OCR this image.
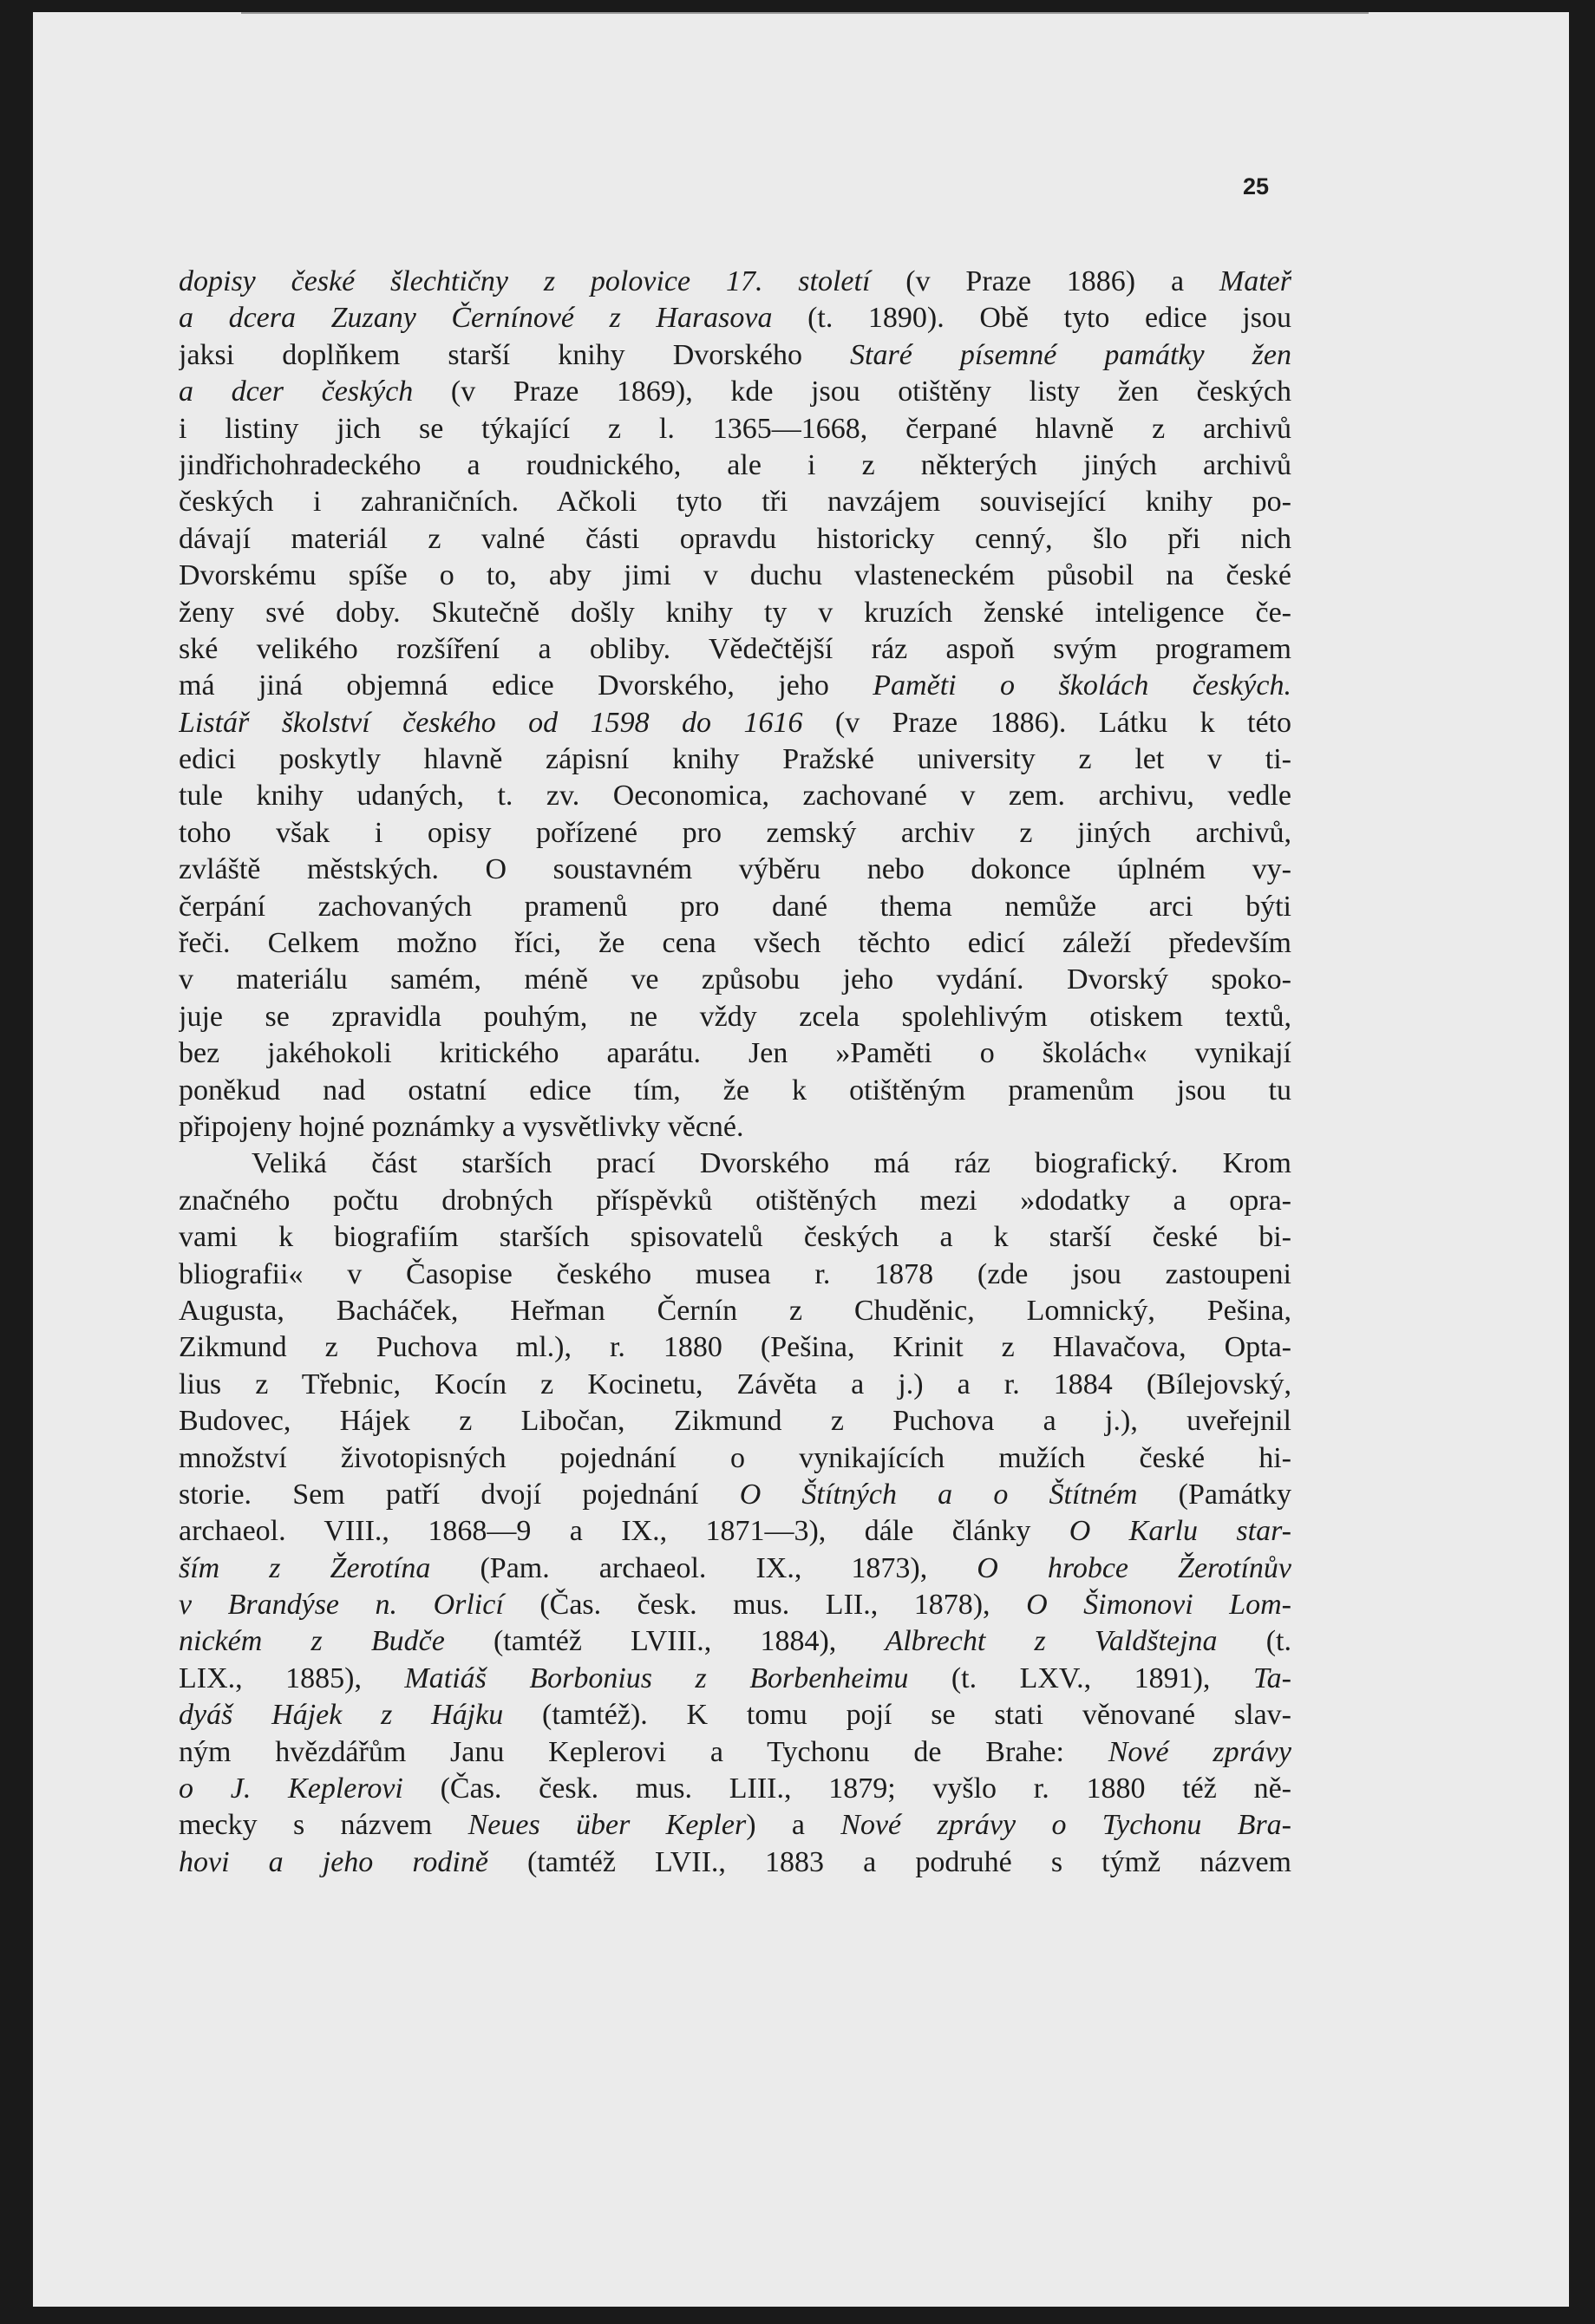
25
dopisy české šlechtičny z polovice 17. století (v Praze 1886) a Mateř
a dcera Zuzany Černínové z Harasova (t. 1890). Obě tyto edice jsou
jaksi doplňkem starší knihy Dvorského Staré písemné památky žen
a dcer českých (v Praze 1869), kde jsou otištěny listy žen českých
i listiny jich se týkající z l. 1365—1668, čerpané hlavně z archivů
jindřichohradeckého a roudnického, ale i z některých jiných archivů
českých i zahraničních. Ačkoli tyto tři navzájem související knihy po-
dávají materiál z valné části opravdu historicky cenný, šlo při nich
Dvorskému spíše o to, aby jimi v duchu vlasteneckém působil na české
ženy své doby. Skutečně došly knihy ty v kruzích ženské inteligence če-
ské velikého rozšíření a obliby. Vědečtější ráz aspoň svým programem
má jiná objemná edice Dvorského, jeho Paměti o školách českých.
Listář školství českého od 1598 do 1616 (v Praze 1886). Látku k této
edici poskytly hlavně zápisní knihy Pražské university z let v ti-
tule knihy udaných, t. zv. Oeconomica, zachované v zem. archivu, vedle
toho však i opisy pořízené pro zemský archiv z jiných archivů,
zvláště městských. O soustavném výběru nebo dokonce úplném vy-
čerpání zachovaných pramenů pro dané thema nemůže arci býti
řeči. Celkem možno říci, že cena všech těchto edicí záleží především
v materiálu samém, méně ve způsobu jeho vydání. Dvorský spoko-
juje se zpravidla pouhým, ne vždy zcela spolehlivým otiskem textů,
bez jakéhokoli kritického aparátu. Jen »Paměti o školách« vynikají
poněkud nad ostatní edice tím, že k otištěným pramenům jsou tu
připojeny hojné poznámky a vysvětlivky věcné.
Veliká část starších prací Dvorského má ráz biografický. Krom
značného počtu drobných příspěvků otištěných mezi »dodatky a opra-
vami k biografiím starších spisovatelů českých a k starší české bi-
bliografii« v Časopise českého musea r. 1878 (zde jsou zastoupeni
Augusta, Bacháček, Heřman Černín z Chuděnic, Lomnický, Pešina,
Zikmund z Puchova ml.), r. 1880 (Pešina, Krinit z Hlavačova, Opta-
lius z Třebnic, Kocín z Kocinetu, Závěta a j.) a r. 1884 (Bílejovský,
Budovec, Hájek z Libočan, Zikmund z Puchova a j.), uveřejnil
množství životopisných pojednání o vynikajících mužích české hi-
storie. Sem patří dvojí pojednání O Štítných a o Štítném (Památky
archaeol. VIII., 1868—9 a IX., 1871—3), dále články O Karlu star-
ším z Žerotína (Pam. archaeol. IX., 1873), O hrobce Žerotínův
v Brandýse n. Orlicí (Čas. česk. mus. LII., 1878), O Šimonovi Lom-
nickém z Budče (tamtéž LVIII., 1884), Albrecht z Valdštejna (t.
LIX., 1885), Matiáš Borbonius z Borbenheimu (t. LXV., 1891), Ta-
dyáš Hájek z Hájku (tamtéž). K tomu pojí se stati věnované slav-
ným hvězdářům Janu Keplerovi a Tychonu de Brahe: Nové zprávy
o J. Keplerovi (Čas. česk. mus. LIII., 1879; vyšlo r. 1880 též ně-
mecky s názvem Neues über Kepler) a Nové zprávy o Tychonu Bra-
hovi a jeho rodině (tamtéž LVII., 1883 a podruhé s týmž názvem
